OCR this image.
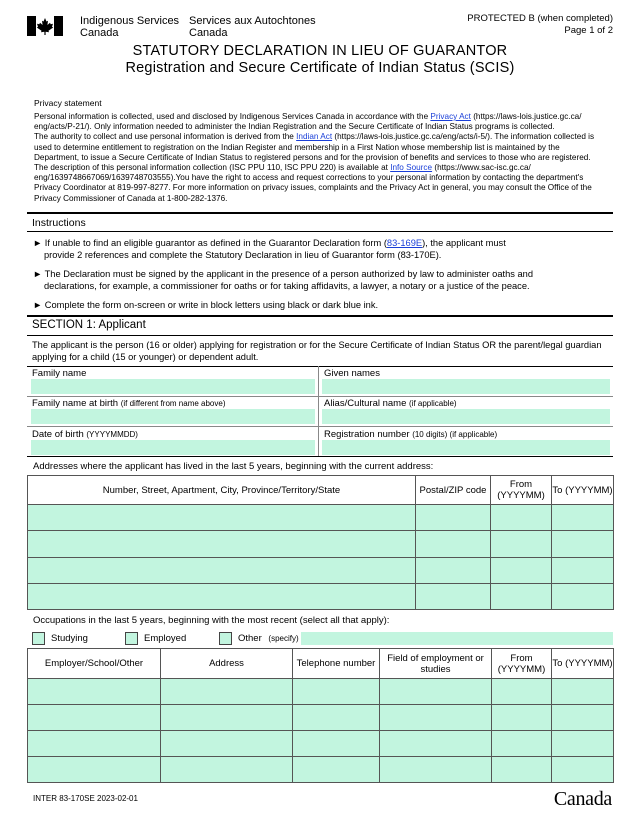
Indigenous Services
Canada
Services aux Autochtones
Canada
PROTECTED B (when completed)
Page 1 of 2
STATUTORY DECLARATION IN LIEU OF GUARANTOR
Registration and Secure Certificate of Indian Status (SCIS)
Privacy statement
Personal information is collected, used and disclosed by Indigenous Services Canada in accordance with the Privacy Act (https://laws-lois.justice.gc.ca/
eng/acts/P-21/). Only information needed to administer the Indian Registration and the Secure Certificate of Indian Status programs is collected.
The authority to collect and use personal information is derived from the Indian Act (https://laws-lois.justice.gc.ca/eng/acts/i-5/). The information collected is
used to determine entitlement to registration on the Indian Register and membership in a First Nation whose membership list is maintained by the
Department, to issue a Secure Certificate of Indian Status to registered persons and for the provision of benefits and services to those who are registered.
The description of this personal information collection (ISC PPU 110, ISC PPU 220) is available at Info Source (https://www.sac-isc.gc.ca/
eng/1639748667069/1639748703555).You have the right to access and request corrections to your personal information by contacting the department's
Privacy Coordinator at 819-997-8277. For more information on privacy issues, complaints and the Privacy Act in general, you may consult the Office of the
Privacy Commissioner of Canada at 1-800-282-1376.
Instructions
► If unable to find an eligible guarantor as defined in the Guarantor Declaration form (83-169E), the applicant must
provide 2 references and complete the Statutory Declaration in lieu of Guarantor form (83-170E).
► The Declaration must be signed by the applicant in the presence of a person authorized by law to administer oaths and
declarations, for example, a commissioner for oaths or for taking affidavits, a lawyer, a notary or a justice of the peace.
► Complete the form on-screen or write in block letters using black or dark blue ink.
SECTION 1: Applicant
The applicant is the person (16 or older) applying for registration or for the Secure Certificate of Indian Status OR the parent/legal guardian
applying for a child (15 or younger) or dependent adult.
Family name	Given names
Family name at birth (if different from name above)	Alias/Cultural name (if applicable)
Date of birth (YYYYMMDD)	Registration number (10 digits) (if applicable)
Addresses where the applicant has lived in the last 5 years, beginning with the current address:
Number, Street, Apartment, City, Province/Territory/State	Postal/ZIP code	From (YYYYMM)	To (YYYYMM)

Occupations in the last 5 years, beginning with the most recent (select all that apply):
Studying	Employed	Other (specify)
Employer/School/Other	Address	Telephone number	Field of employment or studies	From (YYYYMM)	To (YYYYMM)

INTER 83-170SE 2023-02-01	Canada
